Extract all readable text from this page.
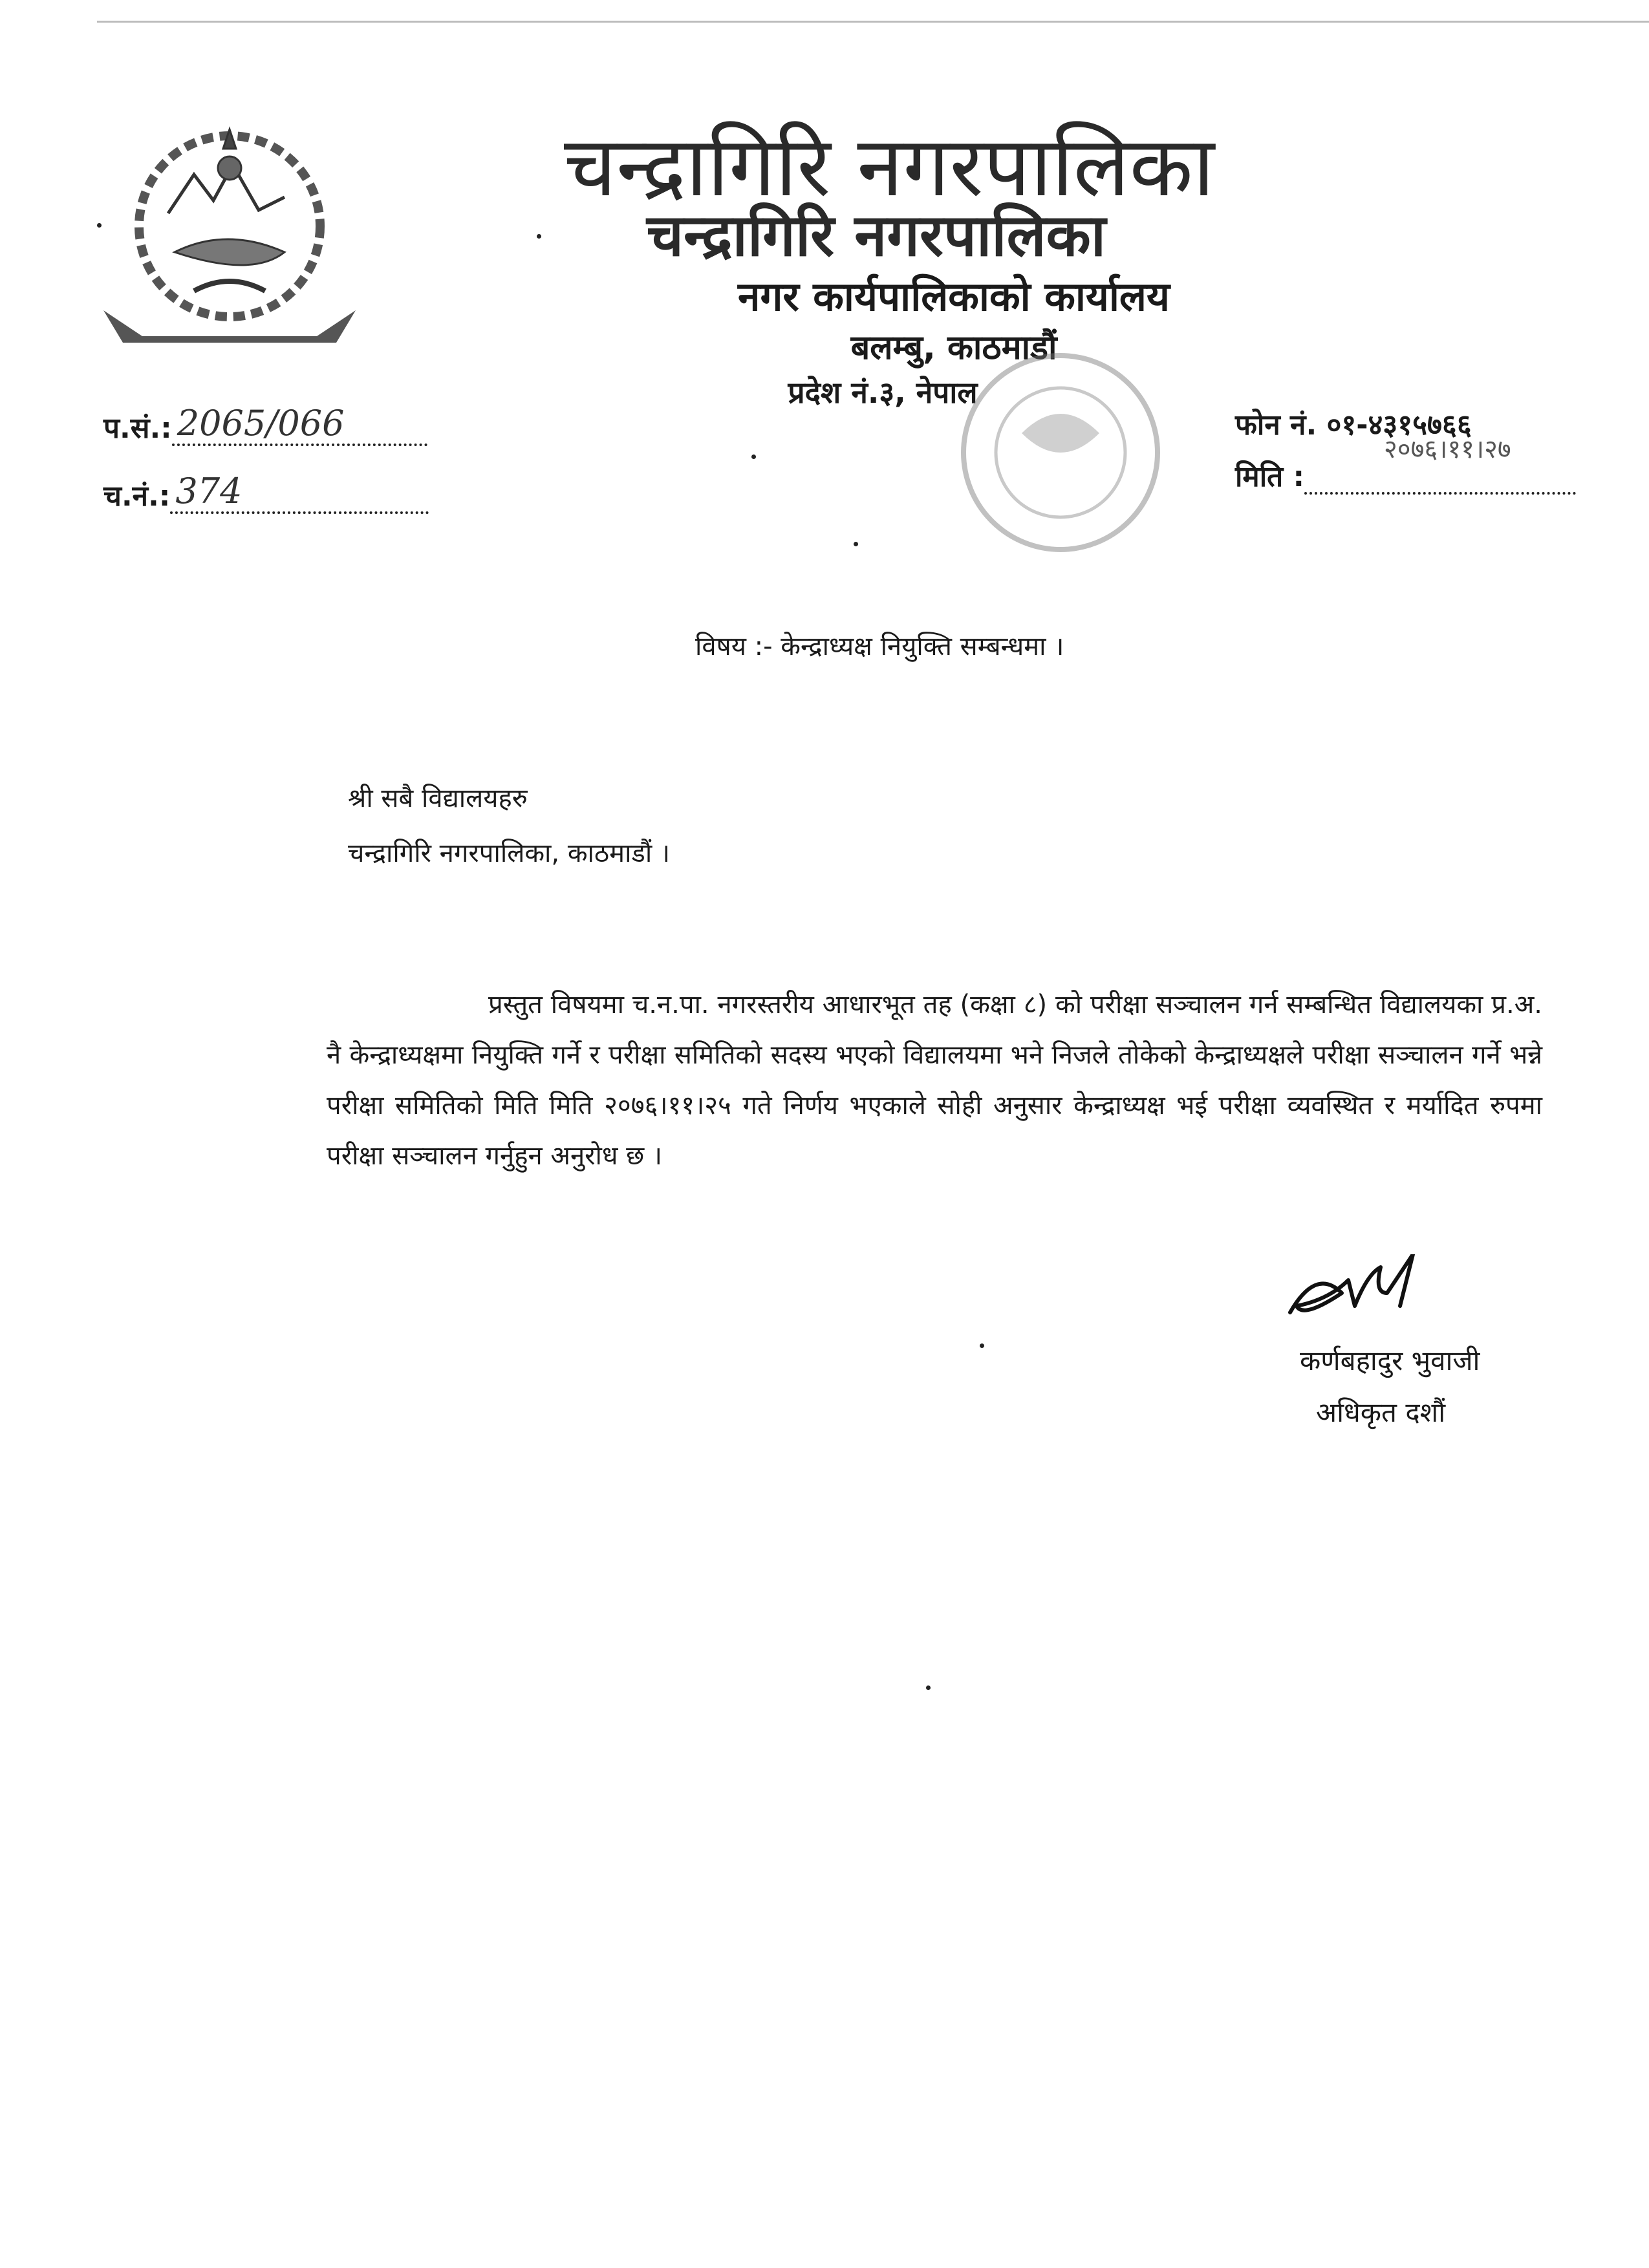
चन्द्रागिरि नगरपालिका
चन्द्रागिरि नगरपालिका
नगर कार्यपालिकाको कार्यालय
बलम्बु, काठमाडौं
प्रदेश नं.३, नेपाल
प.सं.: 2065/066
च.नं.: 374
फोन नं. ०१-४३१५७६६
२०७६।११।२७
मिति :
विषय :- केन्द्राध्यक्ष नियुक्ति सम्बन्धमा ।
श्री सबै विद्यालयहरु
चन्द्रागिरि नगरपालिका, काठमाडौं ।
प्रस्तुत विषयमा च.न.पा. नगरस्तरीय आधारभूत तह (कक्षा ८) को परीक्षा सञ्चालन गर्न सम्बन्धित विद्यालयका प्र.अ. नै केन्द्राध्यक्षमा नियुक्ति गर्ने र परीक्षा समितिको सदस्य भएको विद्यालयमा भने निजले तोकेको केन्द्राध्यक्षले परीक्षा सञ्चालन गर्ने भन्ने परीक्षा समितिको मिति मिति २०७६।११।२५ गते निर्णय भएकाले सोही अनुसार केन्द्राध्यक्ष भई परीक्षा व्यवस्थित र मर्यादित रुपमा परीक्षा सञ्चालन गर्नुहुन अनुरोध छ ।
कर्णबहादुर भुवाजी
अधिकृत दशौं
